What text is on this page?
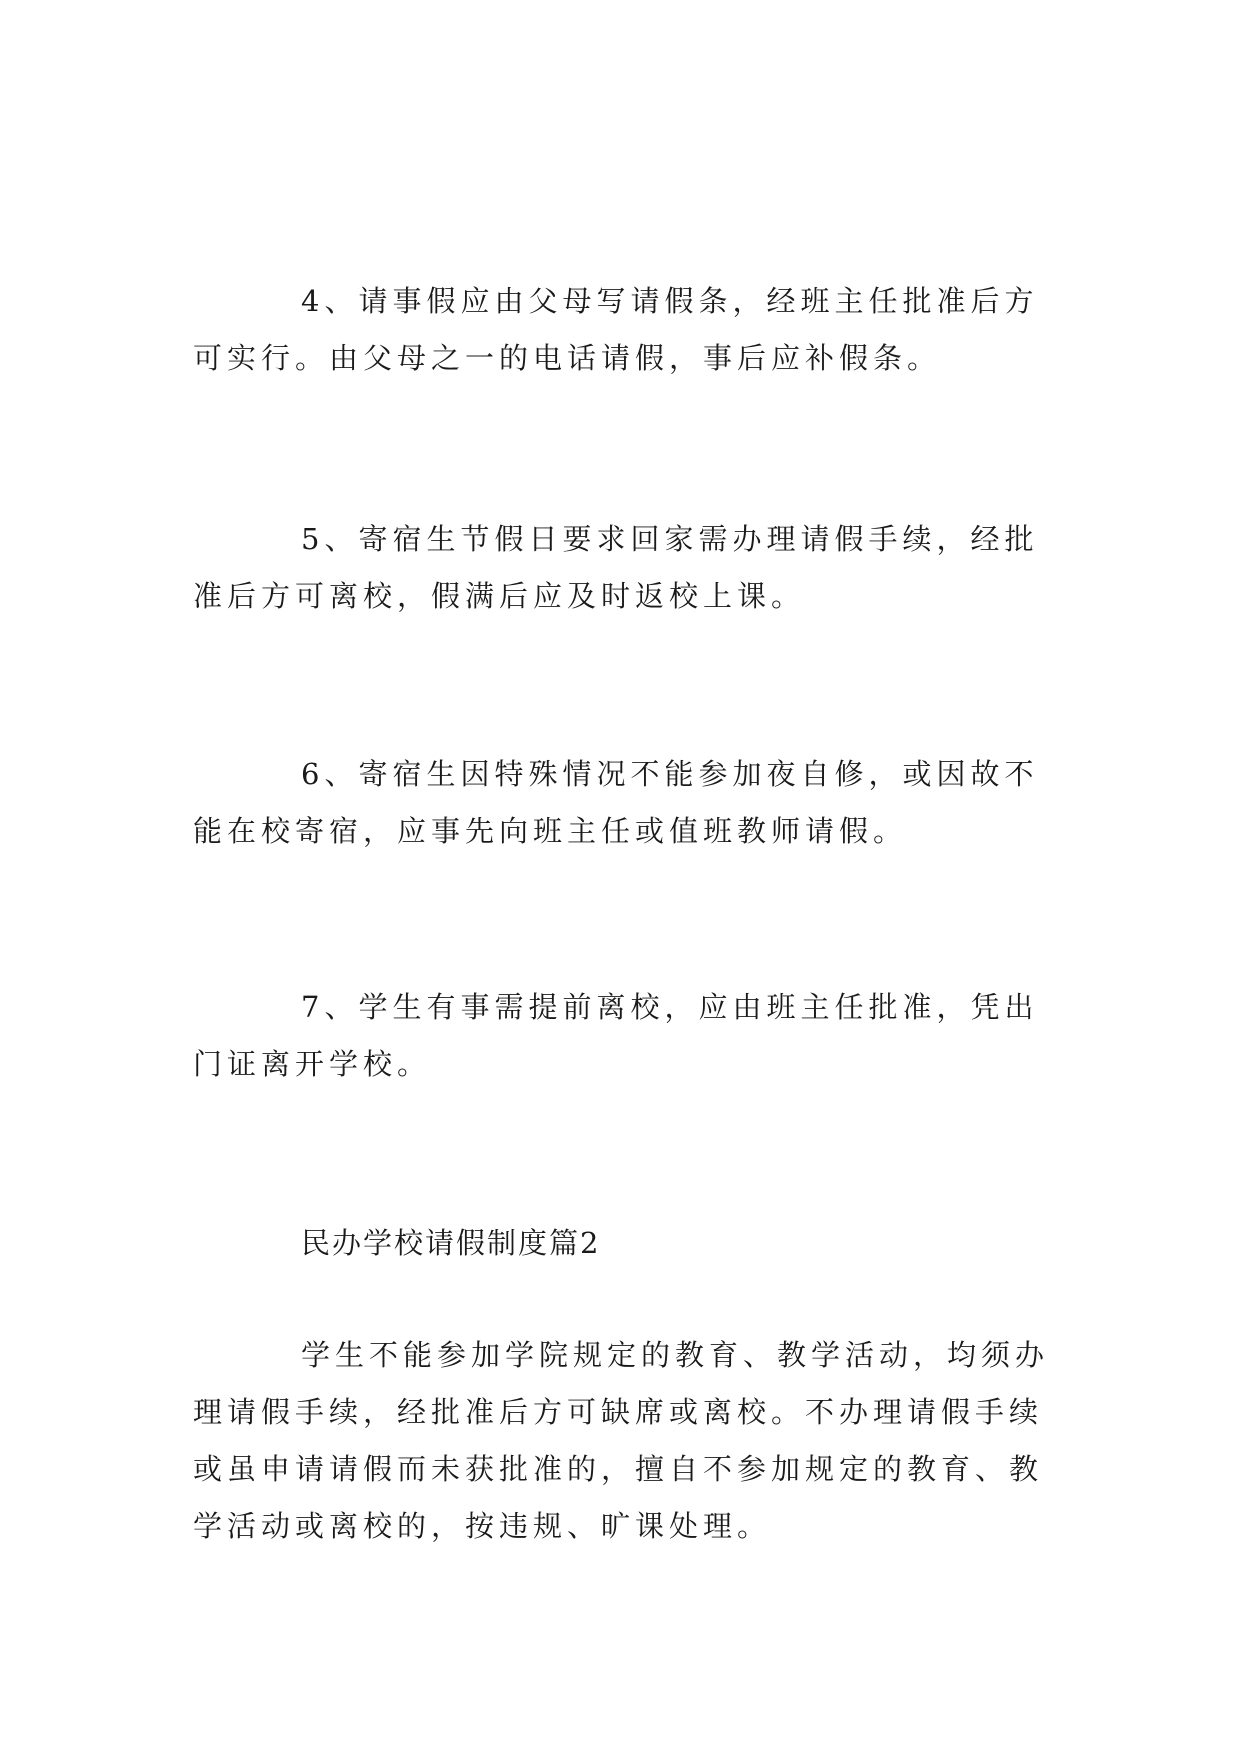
4、请事假应由父母写请假条，经班主任批准后方可实行。由父母之一的电话请假，事后应补假条。

5、寄宿生节假日要求回家需办理请假手续，经批准后方可离校，假满后应及时返校上课。

6、寄宿生因特殊情况不能参加夜自修，或因故不能在校寄宿，应事先向班主任或值班教师请假。

7、学生有事需提前离校，应由班主任批准，凭出门证离开学校。

民办学校请假制度篇2

学生不能参加学院规定的教育、教学活动，均须办理请假手续，经批准后方可缺席或离校。不办理请假手续或虽申请请假而未获批准的，擅自不参加规定的教育、教学活动或离校的，按违规、旷课处理。
